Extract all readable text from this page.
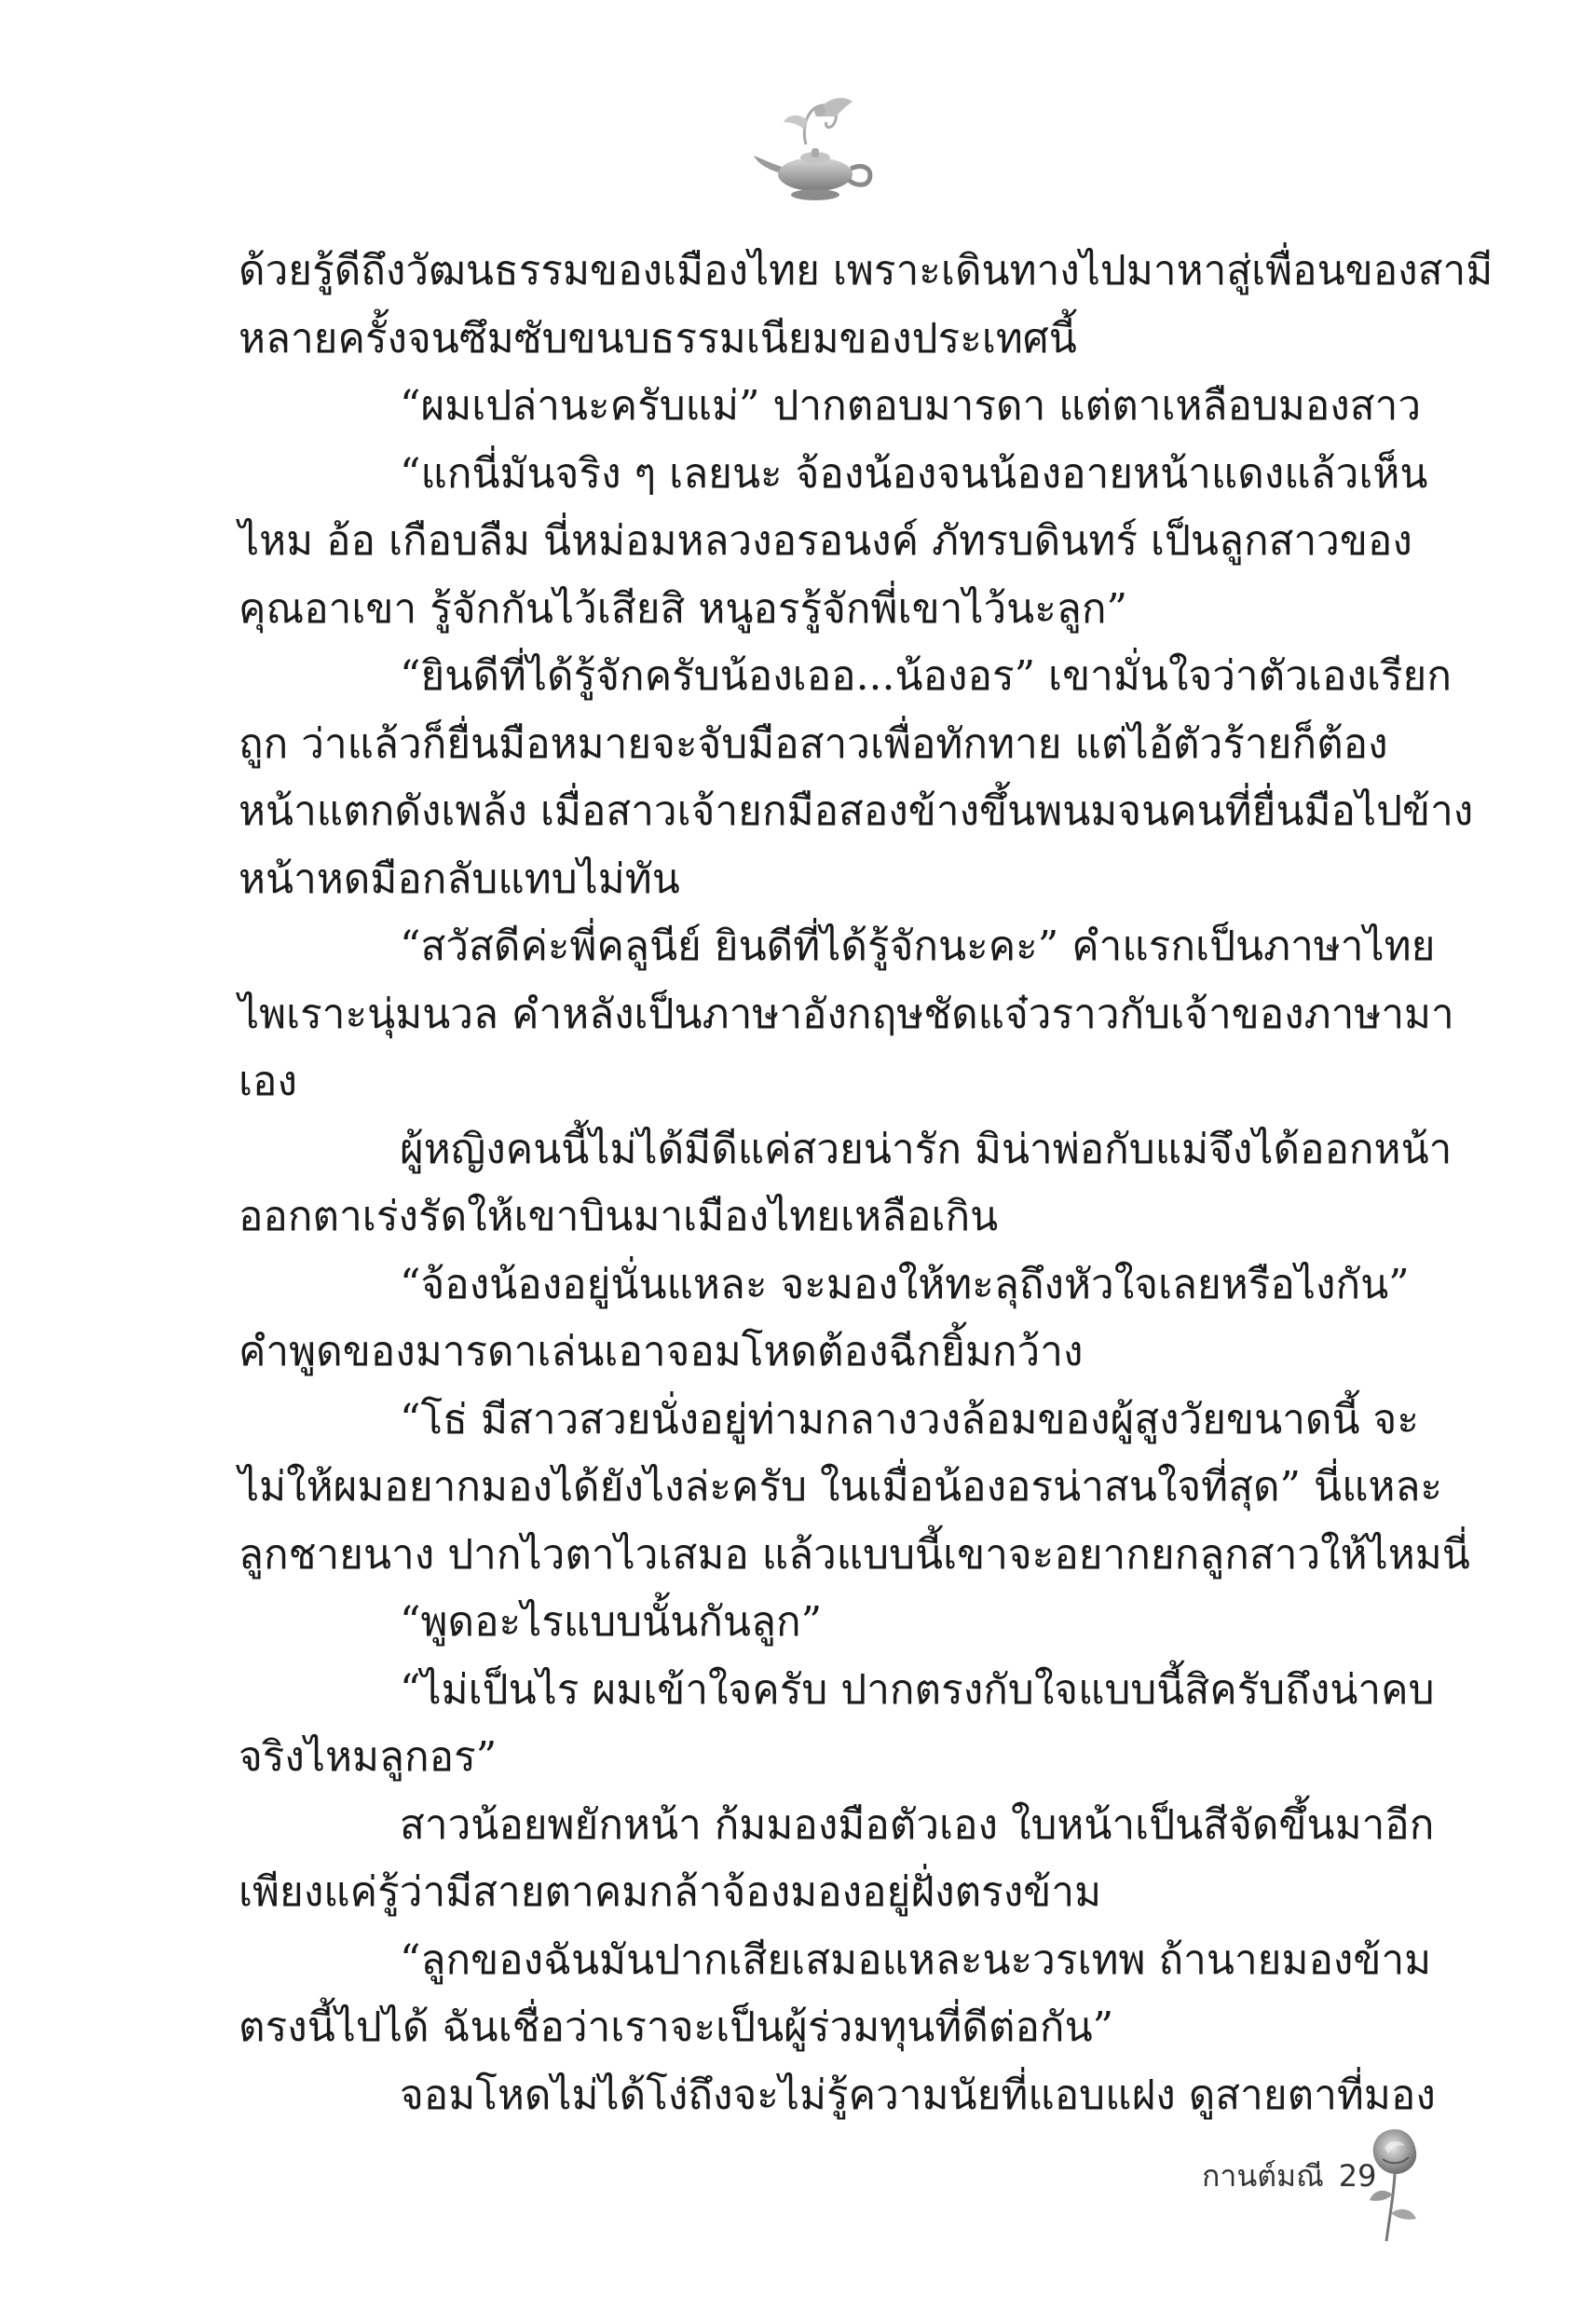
ด้วยรู้ดีถึงวัฒนธรรมของเมืองไทย เพราะเดินทางไปมาหาสู่เพื่อนของสามี
หลายครั้งจนซึมซับขนบธรรมเนียมของประเทศนี้
“ผมเปล่านะครับแม่” ปากตอบมารดา แต่ตาเหลือบมองสาว
“แกนี่มันจริง ๆ เลยนะ จ้องน้องจนน้องอายหน้าแดงแล้วเห็น
ไหม อ้อ เกือบลืม นี่หม่อมหลวงอรอนงค์ ภัทรบดินทร์ เป็นลูกสาวของ
คุณอาเขา รู้จักกันไว้เสียสิ หนูอรรู้จักพี่เขาไว้นะลูก”
“ยินดีที่ได้รู้จักครับน้องเออ...น้องอร” เขามั่นใจว่าตัวเองเรียก
ถูก ว่าแล้วก็ยื่นมือหมายจะจับมือสาวเพื่อทักทาย แต่ไอ้ตัวร้ายก็ต้อง
หน้าแตกดังเพล้ง เมื่อสาวเจ้ายกมือสองข้างขึ้นพนมจนคนที่ยื่นมือไปข้าง
หน้าหดมือกลับแทบไม่ทัน
“สวัสดีค่ะพี่คลูนีย์ ยินดีที่ได้รู้จักนะคะ” คำแรกเป็นภาษาไทย
ไพเราะนุ่มนวล คำหลังเป็นภาษาอังกฤษชัดแจ๋วราวกับเจ้าของภาษามา
เอง
ผู้หญิงคนนี้ไม่ได้มีดีแค่สวยน่ารัก มิน่าพ่อกับแม่จึงได้ออกหน้า
ออกตาเร่งรัดให้เขาบินมาเมืองไทยเหลือเกิน
“จ้องน้องอยู่นั่นแหละ จะมองให้ทะลุถึงหัวใจเลยหรือไงกัน”
คำพูดของมารดาเล่นเอาจอมโหดต้องฉีกยิ้มกว้าง
“โธ่ มีสาวสวยนั่งอยู่ท่ามกลางวงล้อมของผู้สูงวัยขนาดนี้ จะ
ไม่ให้ผมอยากมองได้ยังไงล่ะครับ ในเมื่อน้องอรน่าสนใจที่สุด” นี่แหละ
ลูกชายนาง ปากไวตาไวเสมอ แล้วแบบนี้เขาจะอยากยกลูกสาวให้ไหมนี่
“พูดอะไรแบบนั้นกันลูก”
“ไม่เป็นไร ผมเข้าใจครับ ปากตรงกับใจแบบนี้สิครับถึงน่าคบ
จริงไหมลูกอร”
สาวน้อยพยักหน้า ก้มมองมือตัวเอง ใบหน้าเป็นสีจัดขึ้นมาอีก
เพียงแค่รู้ว่ามีสายตาคมกล้าจ้องมองอยู่ฝั่งตรงข้าม
“ลูกของฉันมันปากเสียเสมอแหละนะวรเทพ ถ้านายมองข้าม
ตรงนี้ไปได้ ฉันเชื่อว่าเราจะเป็นผู้ร่วมทุนที่ดีต่อกัน”
จอมโหดไม่ได้โง่ถึงจะไม่รู้ความนัยที่แอบแฝง ดูสายตาที่มอง
กานต์มณี 29
